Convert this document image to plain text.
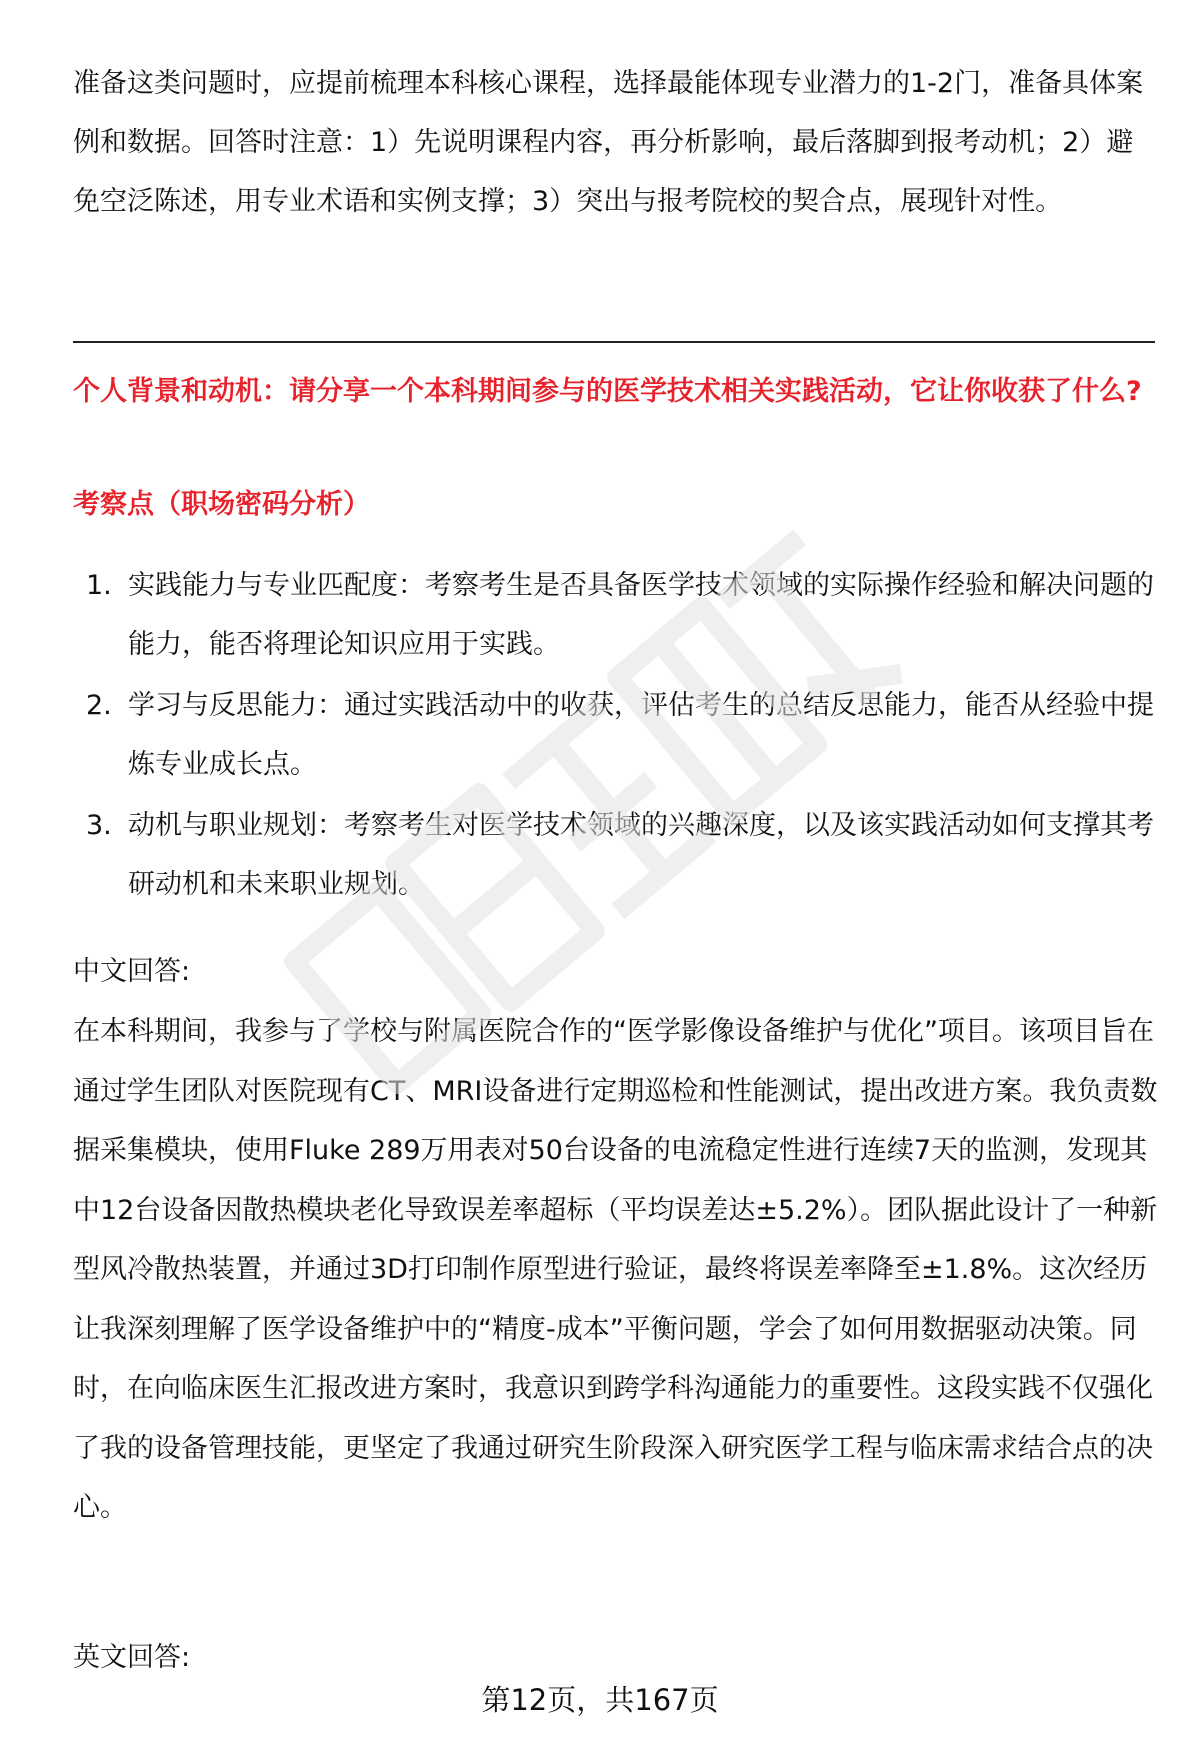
准备这类问题时，应提前梳理本科核心课程，选择最能体现专业潜力的1-2门，准备具体案例和数据。回答时注意：1）先说明课程内容，再分析影响，最后落脚到报考动机；2）避免空泛陈述，用专业术语和实例支撑；3）突出与报考院校的契合点，展现针对性。

个人背景和动机：请分享一个本科期间参与的医学技术相关实践活动，它让你收获了什么?

考察点（职场密码分析）

1. 实践能力与专业匹配度：考察考生是否具备医学技术领域的实际操作经验和解决问题的能力，能否将理论知识应用于实践。
2. 学习与反思能力：通过实践活动中的收获，评估考生的总结反思能力，能否从经验中提炼专业成长点。
3. 动机与职业规划：考察考生对医学技术领域的兴趣深度，以及该实践活动如何支撑其考研动机和未来职业规划。

中文回答:

在本科期间，我参与了学校与附属医院合作的“医学影像设备维护与优化”项目。该项目旨在通过学生团队对医院现有CT、MRI设备进行定期巡检和性能测试，提出改进方案。我负责数据采集模块，使用Fluke 289万用表对50台设备的电流稳定性进行连续7天的监测，发现其中12台设备因散热模块老化导致误差率超标（平均误差达±5.2%）。团队据此设计了一种新型风冷散热装置，并通过3D打印制作原型进行验证，最终将误差率降至±1.8%。这次经历让我深刻理解了医学设备维护中的“精度-成本”平衡问题，学会了如何用数据驱动决策。同时，在向临床医生汇报改进方案时，我意识到跨学科沟通能力的重要性。这段实践不仅强化了我的设备管理技能，更坚定了我通过研究生阶段深入研究医学工程与临床需求结合点的决心。

英文回答:

第12页，共167页
